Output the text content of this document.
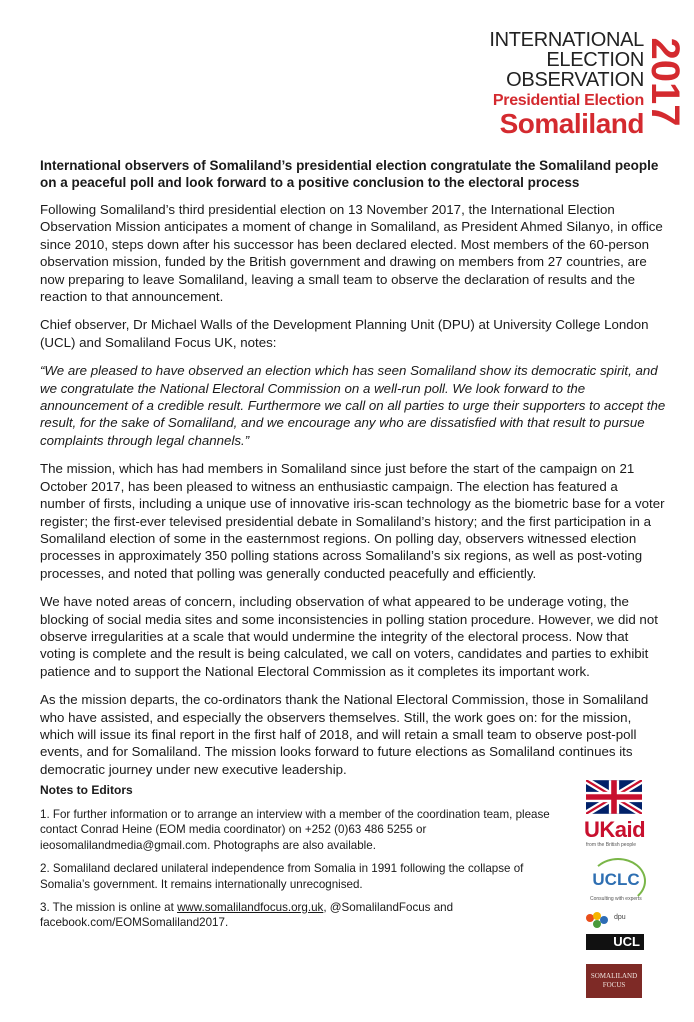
INTERNATIONAL
ELECTION
OBSERVATION
Presidential Election
Somaliland 2017

International observers of Somaliland’s presidential election congratulate the Somaliland people on a peaceful poll and look forward to a positive conclusion to the electoral process

Following Somaliland’s third presidential election on 13 November 2017, the International Election Observation Mission anticipates a moment of change in Somaliland, as President Ahmed Silanyo, in office since 2010, steps down after his successor has been declared elected. Most members of the 60-person observation mission, funded by the British government and drawing on members from 27 countries, are now preparing to leave Somaliland, leaving a small team to observe the declaration of results and the reaction to that announcement.

Chief observer, Dr Michael Walls of the Development Planning Unit (DPU) at University College London (UCL) and Somaliland Focus UK, notes:

“We are pleased to have observed an election which has seen Somaliland show its democratic spirit, and we congratulate the National Electoral Commission on a well-run poll. We look forward to the announcement of a credible result. Furthermore we call on all parties to urge their supporters to accept the result, for the sake of Somaliland, and we encourage any who are dissatisfied with that result to pursue complaints through legal channels.”

The mission, which has had members in Somaliland since just before the start of the campaign on 21 October 2017, has been pleased to witness an enthusiastic campaign. The election has featured a number of firsts, including a unique use of innovative iris-scan technology as the biometric base for a voter register; the first-ever televised presidential debate in Somaliland’s history; and the first participation in a Somaliland election of some in the easternmost regions. On polling day, observers witnessed election processes in approximately 350 polling stations across Somaliland’s six regions, as well as post-voting processes, and noted that polling was generally conducted peacefully and efficiently.

We have noted areas of concern, including observation of what appeared to be underage voting, the blocking of social media sites and some inconsistencies in polling station procedure. However, we did not observe irregularities at a scale that would undermine the integrity of the electoral process. Now that voting is complete and the result is being calculated, we call on voters, candidates and parties to exhibit patience and to support the National Electoral Commission as it completes its important work.

As the mission departs, the co-ordinators thank the National Electoral Commission, those in Somaliland who have assisted, and especially the observers themselves. Still, the work goes on: for the mission, which will issue its final report in the first half of 2018, and will retain a small team to observe post-poll events, and for Somaliland. The mission looks forward to future elections as Somaliland continues its democratic journey under new executive leadership.

Notes to Editors

1. For further information or to arrange an interview with a member of the coordination team, please contact Conrad Heine (EOM media coordinator) on +252 (0)63 486 5255 or ieosomalilandmedia@gmail.com. Photographs are also available.

2. Somaliland declared unilateral independence from Somalia in 1991 following the collapse of Somalia’s government. It remains internationally unrecognised.

3. The mission is online at www.somalilandfocus.org.uk, @SomalilandFocus and facebook.com/EOMSomaliland2017.

UKaid
from the British people
UCLC
Consulting with experts
dpu
UCL
SOMALILAND
FOCUS
